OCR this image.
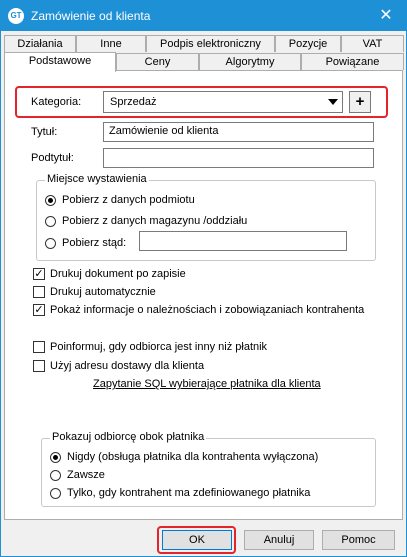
GT Zamówienie od klienta	✕
Działania	Inne	Podpis elektroniczny	Pozycje	VAT
Podstawowe	Ceny	Algorytmy	Powiązane
Kategoria:	Sprzedaż	+
Tytuł:	Zamówienie od klienta
Podtytuł:
Miejsce wystawienia
Pobierz z danych podmiotu
Pobierz z danych magazynu /oddziału
Pobierz stąd:
✓ Drukuj dokument po zapisie
Drukuj automatycznie
✓ Pokaż informacje o należnościach i zobowiązaniach kontrahenta
Poinformuj, gdy odbiorca jest inny niż płatnik
Użyj adresu dostawy dla klienta
Zapytanie SQL wybierające płatnika dla klienta
Pokazuj odbiorcę obok płatnika
Nigdy (obsługa płatnika dla kontrahenta wyłączona)
Zawsze
Tylko, gdy kontrahent ma zdefiniowanego płatnika
OK	Anuluj	Pomoc
